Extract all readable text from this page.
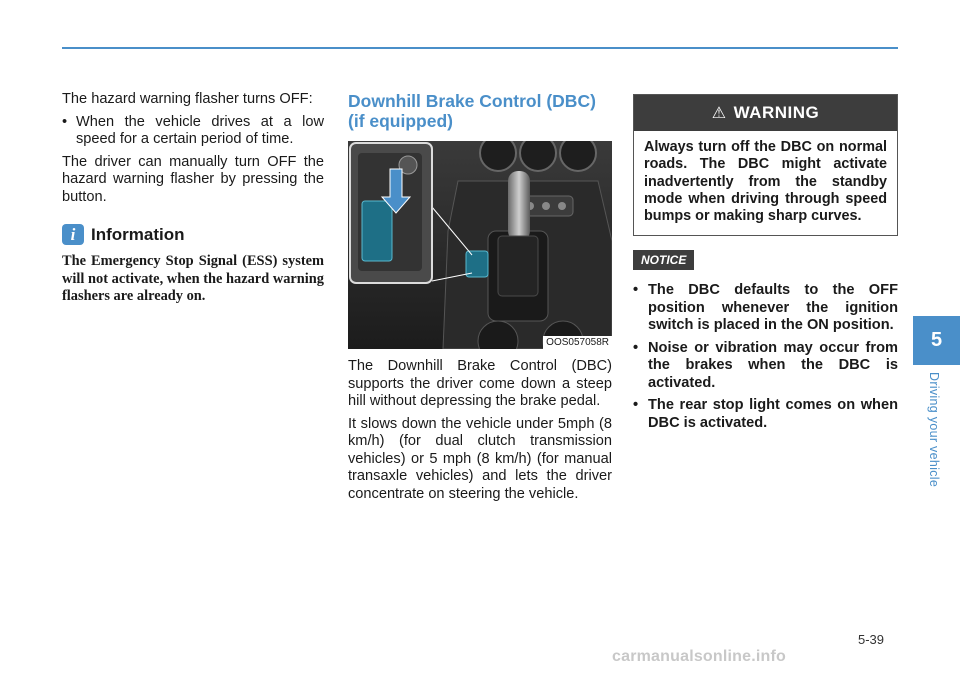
The hazard warning flasher turns OFF:

• When the vehicle drives at a low speed for a certain period of time.

The driver can manually turn OFF the hazard warning flasher by pressing the button.

i Information
The Emergency Stop Signal (ESS) system will not activate, when the hazard warning flashers are already on.
Downhill Brake Control (DBC)
(if equipped)
OOS057058R

The Downhill Brake Control (DBC) supports the driver come down a steep hill without depressing the brake pedal.

It slows down the vehicle under 5mph (8 km/h) (for dual clutch transmission vehicles) or 5 mph (8 km/h) (for manual transaxle vehicles) and lets the driver concentrate on steering the vehicle.

⚠ WARNING
Always turn off the DBC on normal roads. The DBC might activate inadvertently from the standby mode when driving through speed bumps or making sharp curves.
NOTICE
• The DBC defaults to the OFF position whenever the ignition switch is placed in the ON position.
• Noise or vibration may occur from the brakes when the DBC is activated.
• The rear stop light comes on when DBC is activated.
5
Driving your vehicle
5-39
carmanualsonline.info
